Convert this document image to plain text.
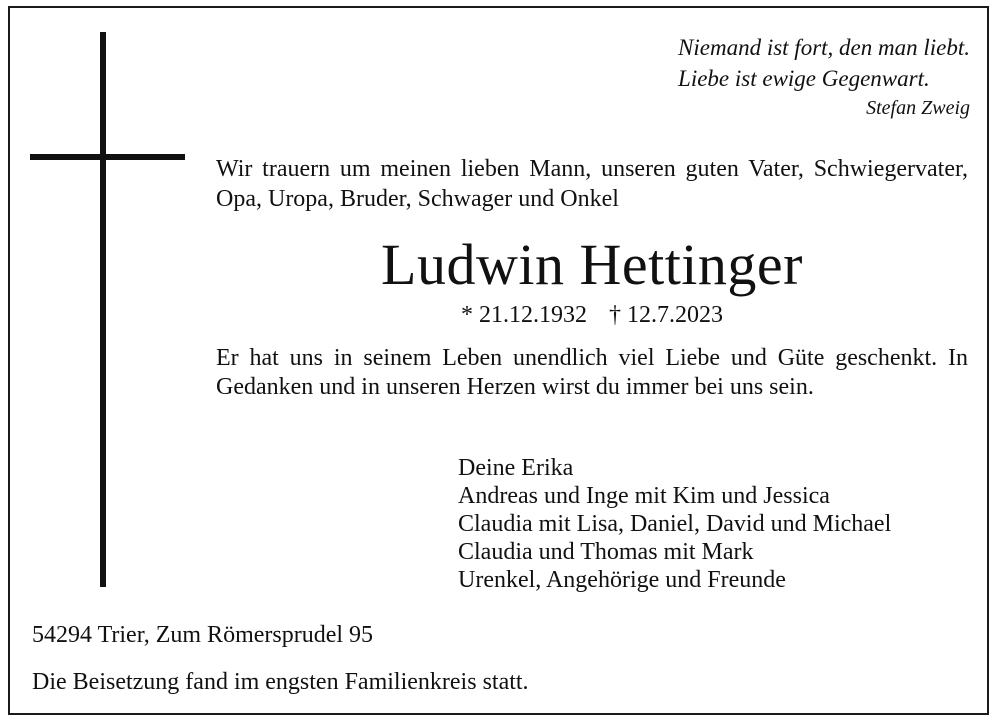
Niemand ist fort, den man liebt.
Liebe ist ewige Gegenwart.
Stefan Zweig
Wir trauern um meinen lieben Mann, unseren guten Vater, Schwiegervater, Opa, Uropa, Bruder, Schwager und Onkel
Ludwin Hettinger
* 21.12.1932 † 12.7.2023
Er hat uns in seinem Leben unendlich viel Liebe und Güte geschenkt. In Gedanken und in unseren Herzen wirst du immer bei uns sein.
Deine Erika
Andreas und Inge mit Kim und Jessica
Claudia mit Lisa, Daniel, David und Michael
Claudia und Thomas mit Mark
Urenkel, Angehörige und Freunde
54294 Trier, Zum Römersprudel 95
Die Beisetzung fand im engsten Familienkreis statt.
